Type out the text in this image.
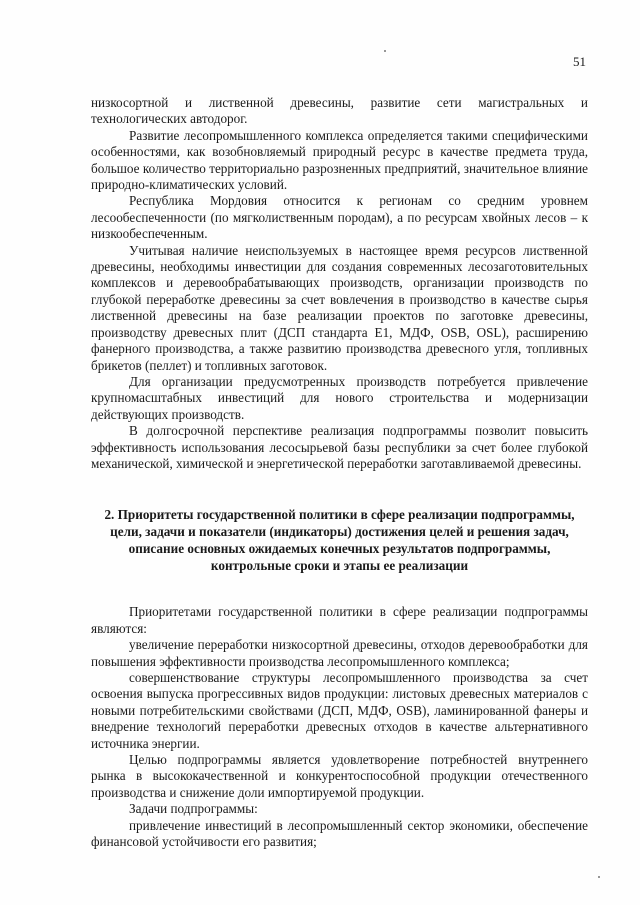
51

низкосортной и лиственной древесины, развитие сети магистральных и технологических автодорог.

Развитие лесопромышленного комплекса определяется такими специфическими особенностями, как возобновляемый природный ресурс в качестве предмета труда, большое количество территориально разрозненных предприятий, значительное влияние природно-климатических условий.

Республика Мордовия относится к регионам со средним уровнем лесообеспеченности (по мягколиственным породам), а по ресурсам хвойных лесов – к низкообеспеченным.

Учитывая наличие неиспользуемых в настоящее время ресурсов лиственной древесины, необходимы инвестиции для создания современных лесозаготовительных комплексов и деревообрабатывающих производств, организации производств по глубокой переработке древесины за счет вовлечения в производство в качестве сырья лиственной древесины на базе реализации проектов по заготовке древесины, производству древесных плит (ДСП стандарта Е1, МДФ, OSB, OSL), расширению фанерного производства, а также развитию производства древесного угля, топливных брикетов (пеллет) и топливных заготовок.

Для организации предусмотренных производств потребуется привлечение крупномасштабных инвестиций для нового строительства и модернизации действующих производств.

В долгосрочной перспективе реализация подпрограммы позволит повысить эффективность использования лесосырьевой базы республики за счет более глубокой механической, химической и энергетической переработки заготавливаемой древесины.

2. Приоритеты государственной политики в сфере реализации подпрограммы, цели, задачи и показатели (индикаторы) достижения целей и решения задач, описание основных ожидаемых конечных результатов подпрограммы, контрольные сроки и этапы ее реализации

Приоритетами государственной политики в сфере реализации подпрограммы являются:

увеличение переработки низкосортной древесины, отходов деревообработки для повышения эффективности производства лесопромышленного комплекса;

совершенствование структуры лесопромышленного производства за счет освоения выпуска прогрессивных видов продукции: листовых древесных материалов с новыми потребительскими свойствами (ДСП, МДФ, OSB), ламинированной фанеры и внедрение технологий переработки древесных отходов в качестве альтернативного источника энергии.

Целью подпрограммы является удовлетворение потребностей внутреннего рынка в высококачественной и конкурентоспособной продукции отечественного производства и снижение доли импортируемой продукции.

Задачи подпрограммы:

привлечение инвестиций в лесопромышленный сектор экономики, обеспечение финансовой устойчивости его развития;
